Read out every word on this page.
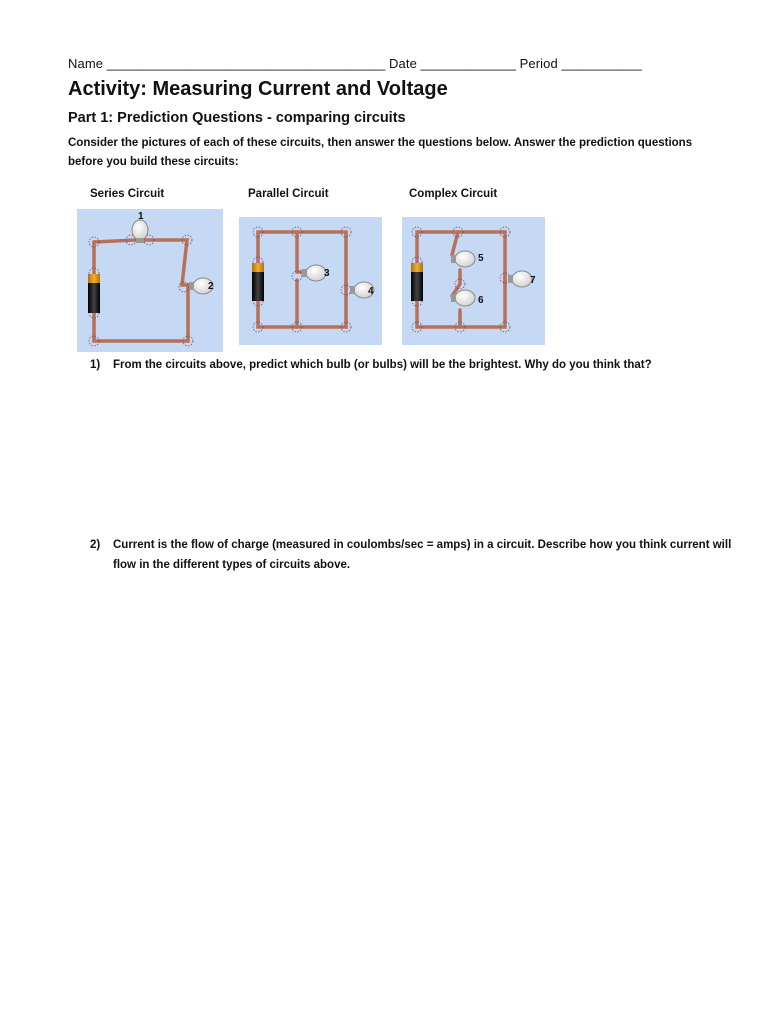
Name ______________________________________ Date _____________ Period ___________
Activity: Measuring Current and Voltage
Part 1: Prediction Questions - comparing circuits
Consider the pictures of each of these circuits, then answer the questions below. Answer the prediction questions before you build these circuits:
Series Circuit	Parallel Circuit	Complex Circuit
1
2
3
4
5
6
7
1) From the circuits above, predict which bulb (or bulbs) will be the brightest. Why do you think that?
2) Current is the flow of charge (measured in coulombs/sec = amps) in a circuit. Describe how you think current will flow in the different types of circuits above.
